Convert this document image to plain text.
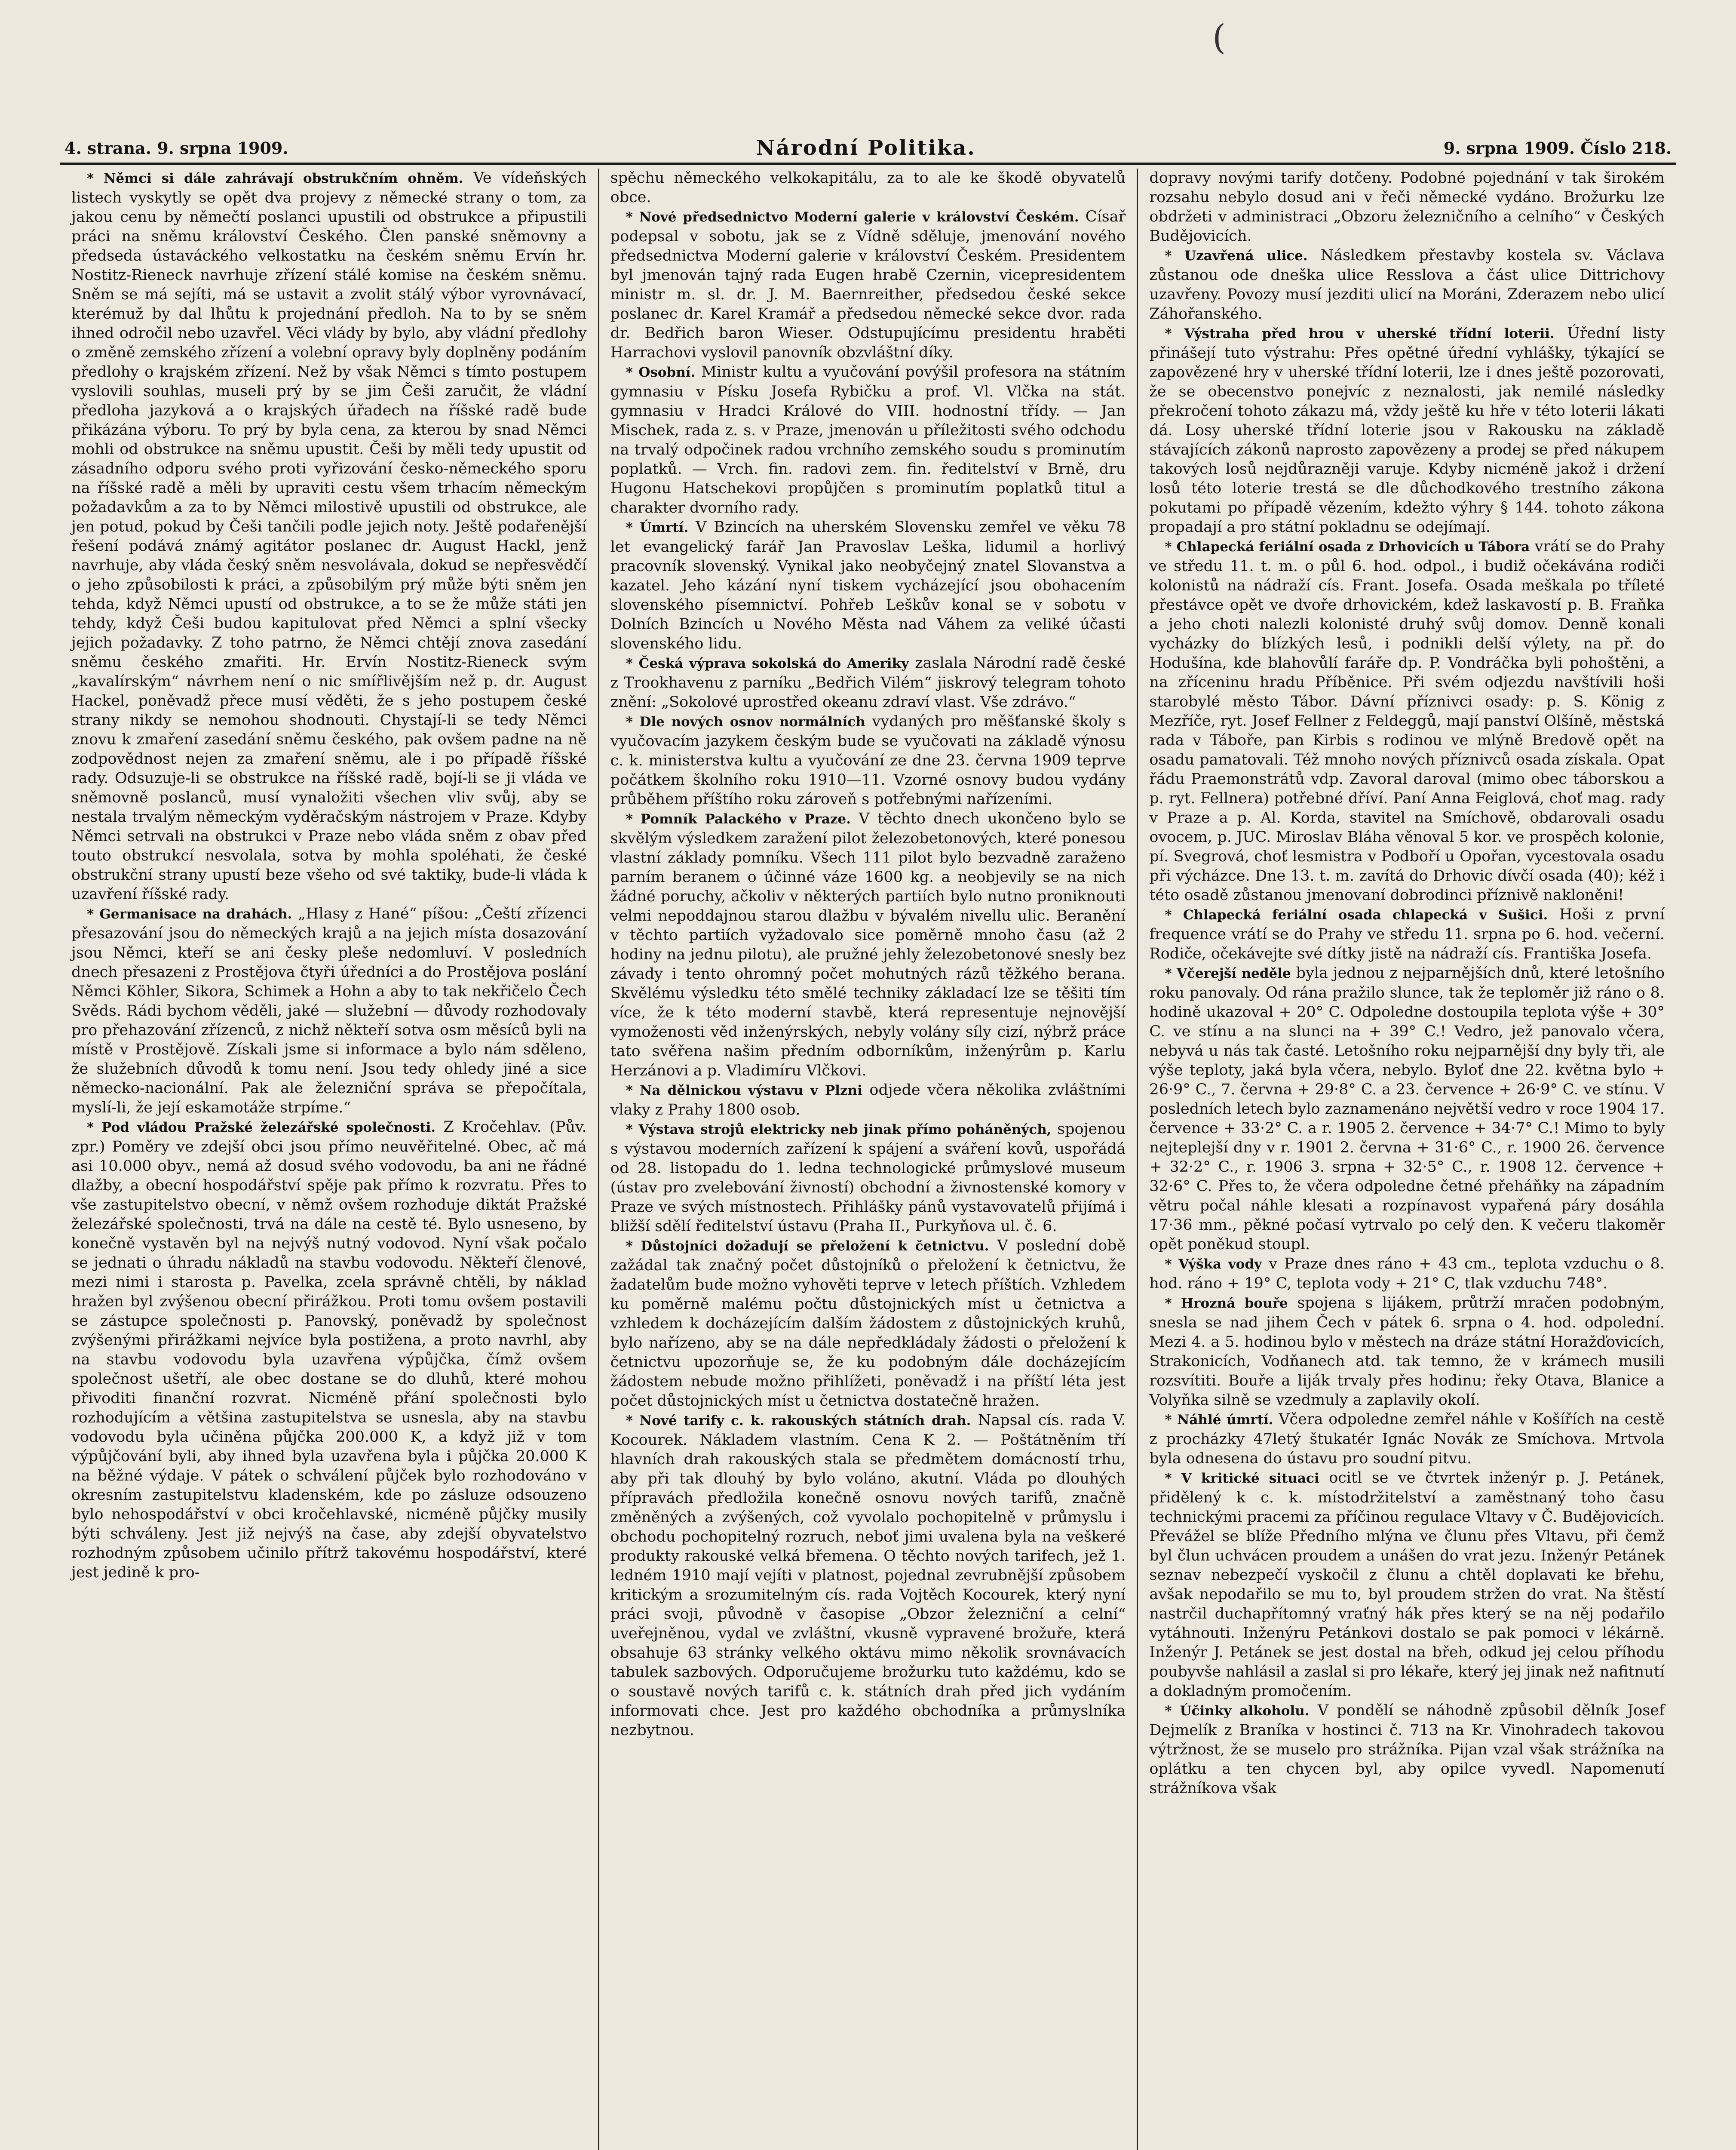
(
4. strana. 9. srpna 1909.	Národní Politika.	9. srpna 1909. Číslo 218.

* Němci si dále zahrávají obstrukčním ohněm. Ve vídeňských listech vyskytly se opět dva projevy z německé strany o tom, za jakou cenu by němečtí poslanci upustili od obstrukce a připustili práci na sněmu království Českého. Člen panské sněmovny a předseda ústaváckého velkostatku na českém sněmu Ervín hr. Nostitz-Rieneck navrhuje zřízení stálé komise na českém sněmu. Sněm se má sejíti, má se ustavit a zvolit stálý výbor vyrovnávací, kterémuž by dal lhůtu k projednání předloh. Na to by se sněm ihned odročil nebo uzavřel. Věci vlády by bylo, aby vládní předlohy o změně zemského zřízení a volební opravy byly doplněny podáním předlohy o krajském zřízení. Než by však Němci s tímto postupem vyslovili souhlas, museli prý by se jim Češi zaručit, že vládní předloha jazyková a o krajských úřadech na říšské radě bude přikázána výboru. To prý by byla cena, za kterou by snad Němci mohli od obstrukce na sněmu upustit. Češi by měli tedy upustit od zásadního odporu svého proti vyřizování česko-německého sporu na říšské radě a měli by upraviti cestu všem trhacím německým požadavkům a za to by Němci milostivě upustili od obstrukce, ale jen potud, pokud by Češi tančili podle jejich noty. Ještě podařenější řešení podává známý agitátor poslanec dr. August Hackl, jenž navrhuje, aby vláda český sněm nesvolávala, dokud se nepřesvědčí o jeho způsobilosti k práci, a způsobilým prý může býti sněm jen tehda, když Němci upustí od obstrukce, a to se že může státi jen tehdy, když Češi budou kapitulovat před Němci a splní všecky jejich požadavky. Z toho patrno, že Němci chtějí znova zasedání sněmu českého zmařiti. Hr. Ervín Nostitz-Rieneck svým „kavalírským“ návrhem není o nic smířlivějším než p. dr. August Hackel, poněvadž přece musí věděti, že s jeho postupem české strany nikdy se nemohou shodnouti. Chystají-li se tedy Němci znovu k zmaření zasedání sněmu českého, pak ovšem padne na ně zodpovědnost nejen za zmaření sněmu, ale i po případě říšské rady. Odsuzuje-li se obstrukce na říšské radě, bojí-li se ji vláda ve sněmovně poslanců, musí vynaložiti všechen vliv svůj, aby se nestala trvalým německým vyděračským nástrojem v Praze. Kdyby Němci setrvali na obstrukci v Praze nebo vláda sněm z obav před touto obstrukcí nesvolala, sotva by mohla spoléhati, že české obstrukční strany upustí beze všeho od své taktiky, bude-li vláda k uzavření říšské rady.

* Germanisace na drahách. „Hlasy z Hané“ píšou: „Čeští zřízenci přesazování jsou do německých krajů a na jejich místa dosazování jsou Němci, kteří se ani česky pleše nedomluví. V posledních dnech přesazeni z Prostějova čtyři úředníci a do Prostějova poslání Němci Köhler, Sikora, Schimek a Hohn a aby to tak nekřičelo Čech Svěds. Rádi bychom věděli, jaké — služební — důvody rozhodovaly pro přehazování zřízenců, z nichž někteří sotva osm měsíců byli na místě v Prostějově. Získali jsme si informace a bylo nám sděleno, že služebních důvodů k tomu není. Jsou tedy ohledy jiné a sice německo-nacionální. Pak ale železniční správa se přepočítala, myslí-li, že její eskamotáže strpíme.“

* Pod vládou Pražské železářské společnosti. Z Kročehlav. (Pův. zpr.) Poměry ve zdejší obci jsou přímo neuvěřitelné. Obec, ač má asi 10.000 obyv., nemá až dosud svého vodovodu, ba ani ne řádné dlažby, a obecní hospodářství spěje pak přímo k rozvratu. Přes to vše zastupitelstvo obecní, v němž ovšem rozhoduje diktát Pražské železářské společnosti, trvá na dále na cestě té. Bylo usneseno, by konečně vystavěn byl na nejvýš nutný vodovod. Nyní však počalo se jednati o úhradu nákladů na stavbu vodovodu. Někteří členové, mezi nimi i starosta p. Pavelka, zcela správně chtěli, by náklad hražen byl zvýšenou obecní přirážkou. Proti tomu ovšem postavili se zástupce společnosti p. Panovský, poněvadž by společnost zvýšenými přirážkami nejvíce byla postižena, a proto navrhl, aby na stavbu vodovodu byla uzavřena výpůjčka, čímž ovšem společnost ušetří, ale obec dostane se do dluhů, které mohou přivoditi finanční rozvrat. Nicméně přání společnosti bylo rozhodujícím a většina zastupitelstva se usnesla, aby na stavbu vodovodu byla učiněna půjčka 200.000 K, a když již v tom výpůjčování byli, aby ihned byla uzavřena byla i půjčka 20.000 K na běžné výdaje. V pátek o schválení půjček bylo rozhodováno v okresním zastupitelstvu kladenském, kde po zásluze odsouzeno bylo nehospodářství v obci kročehlavské, nicméně půjčky musily býti schváleny. Jest již nejvýš na čase, aby zdejší obyvatelstvo rozhodným způsobem učinilo přítrž takovému hospodářství, které jest jedině k pro-

spěchu německého velkokapitálu, za to ale ke škodě obyvatelů obce.

* Nové předsednictvo Moderní galerie v království Českém. Císař podepsal v sobotu, jak se z Vídně sděluje, jmenování nového předsednictva Moderní galerie v království Českém. Presidentem byl jmenován tajný rada Eugen hrabě Czernin, vicepresidentem ministr m. sl. dr. J. M. Baernreither, předsedou české sekce poslanec dr. Karel Kramář a předsedou německé sekce dvor. rada dr. Bedřich baron Wieser. Odstupujícímu presidentu hraběti Harrachovi vyslovil panovník obzvláštní díky.

* Osobní. Ministr kultu a vyučování povýšil profesora na státním gymnasiu v Písku Josefa Rybičku a prof. Vl. Vlčka na stát. gymnasiu v Hradci Králové do VIII. hodnostní třídy. — Jan Mischek, rada z. s. v Praze, jmenován u příležitosti svého odchodu na trvalý odpočinek radou vrchního zemského soudu s prominutím poplatků. — Vrch. fin. radovi zem. fin. ředitelství v Brně, dru Hugonu Hatschekovi propůjčen s prominutím poplatků titul a charakter dvorního rady.

* Úmrtí. V Bzincích na uherském Slovensku zemřel ve věku 78 let evangelický farář Jan Pravoslav Leška, lidumil a horlivý pracovník slovenský. Vynikal jako neobyčejný znatel Slovanstva a kazatel. Jeho kázání nyní tiskem vycházející jsou obohacením slovenského písemnictví. Pohřeb Leškův konal se v sobotu v Dolních Bzincích u Nového Města nad Váhem za veliké účasti slovenského lidu.

* Česká výprava sokolská do Ameriky zaslala Národní radě české z Trookhavenu z parníku „Bedřich Vilém“ jiskrový telegram tohoto znění: „Sokolové uprostřed okeanu zdraví vlast. Vše zdrávo.“

* Dle nových osnov normálních vydaných pro měšťanské školy s vyučovacím jazykem českým bude se vyučovati na základě výnosu c. k. ministerstva kultu a vyučování ze dne 23. června 1909 teprve počátkem školního roku 1910—11. Vzorné osnovy budou vydány průběhem příštího roku zároveň s potřebnými nařízeními.

* Pomník Palackého v Praze. V těchto dnech ukončeno bylo se skvělým výsledkem zaražení pilot železobetonových, které ponesou vlastní základy pomníku. Všech 111 pilot bylo bezvadně zaraženo parním beranem o účinné váze 1600 kg. a neobjevily se na nich žádné poruchy, ačkoliv v některých partiích bylo nutno proniknouti velmi nepoddajnou starou dlažbu v bývalém nivellu ulic. Beranění v těchto partiích vyžadovalo sice poměrně mnoho času (až 2 hodiny na jednu pilotu), ale pružné jehly železobetonové snesly bez závady i tento ohromný počet mohutných rázů těžkého berana. Skvělému výsledku této smělé techniky základací lze se těšiti tím více, že k této moderní stavbě, která representuje nejnovější vymoženosti věd inženýrských, nebyly volány síly cizí, nýbrž práce tato svěřena našim předním odborníkům, inženýrům p. Karlu Herzánovi a p. Vladimíru Vlčkovi.

* Na dělnickou výstavu v Plzni odjede včera několika zvláštními vlaky z Prahy 1800 osob.

* Výstava strojů elektricky neb jinak přímo poháněných, spojenou s výstavou moderních zařízení k spájení a sváření kovů, uspořádá od 28. listopadu do 1. ledna technologické průmyslové museum (ústav pro zvelebování živností) obchodní a živnostenské komory v Praze ve svých místnostech. Přihlášky pánů vystavovatelů přijímá i bližší sdělí ředitelství ústavu (Praha II., Purkyňova ul. č. 6.

* Důstojníci dožadují se přeložení k četnictvu. V poslední době zažádal tak značný počet důstojníků o přeložení k četnictvu, že žadatelům bude možno vyhověti teprve v letech příštích. Vzhledem ku poměrně malému počtu důstojnických míst u četnictva a vzhledem k docházejícím dalším žádostem z důstojnických kruhů, bylo nařízeno, aby se na dále nepředkládaly žádosti o přeložení k četnictvu upozorňuje se, že ku podobným dále docházejícím žádostem nebude možno přihlížeti, poněvadž i na příští léta jest počet důstojnických míst u četnictva dostatečně hražen.

* Nové tarify c. k. rakouských státních drah. Napsal cís. rada V. Kocourek. Nákladem vlastním. Cena K 2. — Poštátněním tří hlavních drah rakouských stala se předmětem domácností trhu, aby při tak dlouhý by bylo voláno, akutní. Vláda po dlouhých přípravách předložila konečně osnovu nových tarifů, značně změněných a zvýšených, což vyvolalo pochopitelně v průmyslu i obchodu pochopitelný rozruch, neboť jimi uvalena byla na veškeré produkty rakouské velká břemena. O těchto nových tarifech, jež 1. ledném 1910 mají vejíti v platnost, pojednal zevrubnější způsobem kritickým a srozumitelným cís. rada Vojtěch Kocourek, který nyní práci svoji, původně v časopise „Obzor železniční a celní“ uveřejněnou, vydal ve zvláštní, vkusně vypravené brožuře, která obsahuje 63 stránky velkého oktávu mimo několik srovnávacích tabulek sazbových. Odporučujeme brožurku tuto každému, kdo se o soustavě nových tarifů c. k. státních drah před jich vydáním informovati chce. Jest pro každého obchodníka a průmyslníka nezbytnou.

dopravy novými tarify dotčeny. Podobné pojednání v tak širokém rozsahu nebylo dosud ani v řeči německé vydáno. Brožurku lze obdržeti v administraci „Obzoru železničního a celního“ v Českých Budějovicích.

* Uzavřená ulice. Následkem přestavby kostela sv. Václava zůstanou ode dneška ulice Resslova a část ulice Dittrichovy uzavřeny. Povozy musí jezditi ulicí na Moráni, Zderazem nebo ulicí Záhořanského.

* Výstraha před hrou v uherské třídní loterii. Úřední listy přinášejí tuto výstrahu: Přes opětné úřední vyhlášky, týkající se zapovězené hry v uherské třídní loterii, lze i dnes ještě pozorovati, že se obecenstvo ponejvíc z neznalosti, jak nemilé následky překročení tohoto zákazu má, vždy ještě ku hře v této loterii lákati dá. Losy uherské třídní loterie jsou v Rakousku na základě stávajících zákonů naprosto zapovězeny a prodej se před nákupem takových losů nejdůrazněji varuje. Kdyby nicméně jakož i držení losů této loterie trestá se dle důchodkového trestního zákona pokutami po případě vězením, kdežto výhry § 144. tohoto zákona propadají a pro státní pokladnu se odejímají.

* Chlapecká feriální osada z Drhovicích u Tábora vrátí se do Prahy ve středu 11. t. m. o půl 6. hod. odpol., i budiž očekávána rodiči kolonistů na nádraží cís. Frant. Josefa. Osada meškala po tříleté přestávce opět ve dvoře drhovickém, kdež laskavostí p. B. Fraňka a jeho choti nalezli kolonisté druhý svůj domov. Denně konali vycházky do blízkých lesů, i podnikli delší výlety, na př. do Hodušína, kde blahovůlí faráře dp. P. Vondráčka byli pohoštěni, a na zříceninu hradu Příběnice. Při svém odjezdu navštívili hoši starobylé město Tábor. Dávní příznivci osady: p. S. König z Mezříče, ryt. Josef Fellner z Feldeggů, mají panství Olšíně, městská rada v Táboře, pan Kirbis s rodinou ve mlýně Bredově opět na osadu pamatovali. Též mnoho nových příznivců osada získala. Opat řádu Praemonstrátů vdp. Zavoral daroval (mimo obec táborskou a p. ryt. Fellnera) potřebné dříví. Paní Anna Feiglová, choť mag. rady v Praze a p. Al. Korda, stavitel na Smíchově, obdarovali osadu ovocem, p. JUC. Miroslav Bláha věnoval 5 kor. ve prospěch kolonie, pí. Svegrová, choť lesmistra v Podboří u Opořan, vycestovala osadu při výcházce. Dne 13. t. m. zavítá do Drhovic dívčí osada (40); kéž i této osadě zůstanou jmenovaní dobrodinci příznivě nakloněni!

* Chlapecká feriální osada chlapecká v Sušici. Hoši z první frequence vrátí se do Prahy ve středu 11. srpna po 6. hod. večerní. Rodiče, očekávejte své dítky jistě na nádraží cís. Františka Josefa.

* Včerejší neděle byla jednou z nejparnějších dnů, které letošního roku panovaly. Od rána pražilo slunce, tak že teploměr již ráno o 8. hodině ukazoval + 20° C. Odpoledne dostoupila teplota výše + 30° C. ve stínu a na slunci na + 39° C.! Vedro, jež panovalo včera, nebyvá u nás tak časté. Letošního roku nejparnější dny byly tři, ale výše teploty, jaká byla včera, nebylo. Byloť dne 22. května bylo + 26·9° C., 7. června + 29·8° C. a 23. července + 26·9° C. ve stínu. V posledních letech bylo zaznamenáno největší vedro v roce 1904 17. července + 33·2° C. a r. 1905 2. července + 34·7° C.! Mimo to byly nejteplejší dny v r. 1901 2. června + 31·6° C., r. 1900 26. července + 32·2° C., r. 1906 3. srpna + 32·5° C., r. 1908 12. července + 32·6° C. Přes to, že včera odpoledne četné přeháňky na západním větru počal náhle klesati a rozpínavost vypařená páry dosáhla 17·36 mm., pěkné počasí vytrvalo po celý den. K večeru tlakoměr opět poněkud stoupl.

* Výška vody v Praze dnes ráno + 43 cm., teplota vzduchu o 8. hod. ráno + 19° C, teplota vody + 21° C, tlak vzduchu 748°.

* Hrozná bouře spojena s lijákem, průtrží mračen podobným, snesla se nad jihem Čech v pátek 6. srpna o 4. hod. odpolední. Mezi 4. a 5. hodinou bylo v městech na dráze státní Horažďovicích, Strakonicích, Vodňanech atd. tak temno, že v krámech musili rozsvítiti. Bouře a liják trvaly přes hodinu; řeky Otava, Blanice a Volyňka silně se vzedmuly a zaplavily okolí.

* Náhlé úmrtí. Včera odpoledne zemřel náhle v Košířích na cestě z procházky 47letý štukatér Ignác Novák ze Smíchova. Mrtvola byla odnesena do ústavu pro soudní pitvu.

* V kritické situaci ocitl se ve čtvrtek inženýr p. J. Petánek, přidělený k c. k. místodržitelství a zaměstnaný toho času technickými pracemi za příčinou regulace Vltavy v Č. Budějovicích. Převážel se blíže Předního mlýna ve člunu přes Vltavu, při čemž byl člun uchvácen proudem a unášen do vrat jezu. Inženýr Petánek seznav nebezpečí vyskočil z člunu a chtěl doplavati ke břehu, avšak nepodařilo se mu to, byl proudem stržen do vrat. Na štěstí nastrčil duchapřítomný vraťný hák přes který se na něj podařilo vytáhnouti. Inženýru Petánkovi dostalo se pak pomoci v lékárně. Inženýr J. Petánek se jest dostal na břeh, odkud jej celou příhodu poubyvše nahlásil a zaslal si pro lékaře, který jej jinak než nafitnutí a dokladným promočením.

* Účinky alkoholu. V pondělí se náhodně způsobil dělník Josef Dejmelík z Braníka v hostinci č. 713 na Kr. Vinohradech takovou výtržnost, že se muselo pro strážníka. Pijan vzal však strážníka na oplátku a ten chycen byl, aby opilce vyvedl. Napomenutí strážníkova však
